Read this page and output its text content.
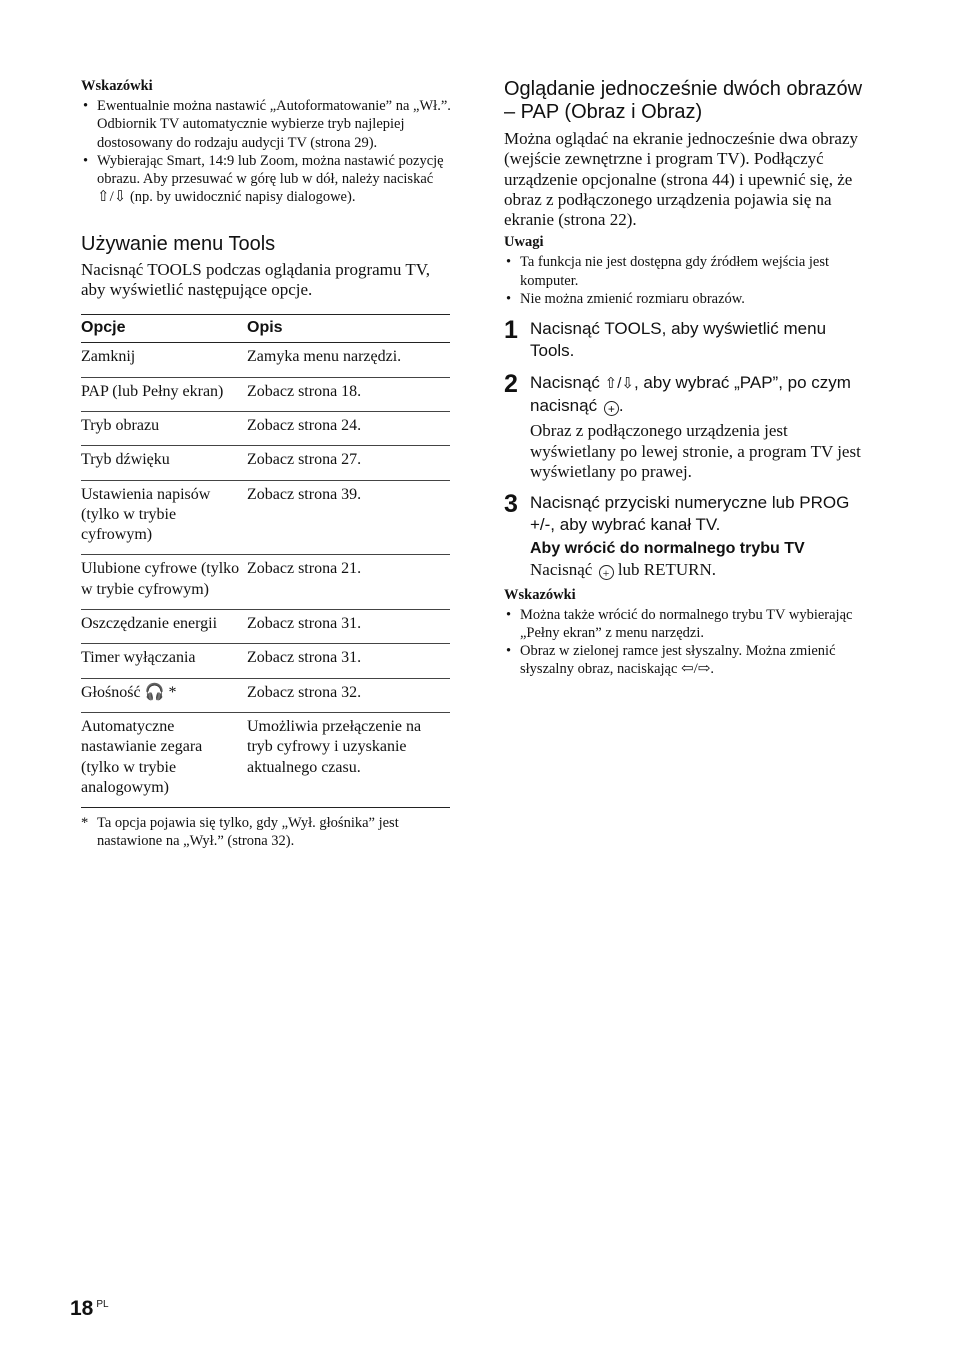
Wskazówki
• Ewentualnie można nastawić „Autoformatowanie” na „Wł.”. Odbiornik TV automatycznie wybierze tryb najlepiej dostosowany do rodzaju audycji TV (strona 29).
• Wybierając Smart, 14:9 lub Zoom, można nastawić pozycję obrazu. Aby przesuwać w górę lub w dół, należy naciskać ⇧/⇩ (np. by uwidocznić napisy dialogowe).
Używanie menu Tools

Nacisnąć TOOLS podczas oglądania programu TV, aby wyświetlić następujące opcje.

Opcje	Opis
Zamknij	Zamyka menu narzędzi.
PAP (lub Pełny ekran)	Zobacz strona 18.
Tryb obrazu	Zobacz strona 24.
Tryb dźwięku	Zobacz strona 27.
Ustawienia napisów (tylko w trybie cyfrowym)	Zobacz strona 39.
Ulubione cyfrowe (tylko w trybie cyfrowym)	Zobacz strona 21.
Oszczędzanie energii	Zobacz strona 31.
Timer wyłączania	Zobacz strona 31.
Głośność 🎧 *	Zobacz strona 32.
Automatyczne nastawianie zegara (tylko w trybie analogowym)	Umożliwia przełączenie na tryb cyfrowy i uzyskanie aktualnego czasu.
* Ta opcja pojawia się tylko, gdy „Wył. głośnika” jest nastawione na „Wył.” (strona 32).
Oglądanie jednocześnie dwóch obrazów – PAP (Obraz i Obraz)

Można oglądać na ekranie jednocześnie dwa obrazy (wejście zewnętrzne i program TV). Podłączyć urządzenie opcjonalne (strona 44) i upewnić się, że obraz z podłączonego urządzenia pojawia się na ekranie (strona 22).

Uwagi
• Ta funkcja nie jest dostępna gdy źródłem wejścia jest komputer.
• Nie można zmienić rozmiaru obrazów.
1 Nacisnąć TOOLS, aby wyświetlić menu Tools.
2 Nacisnąć ⇧/⇩, aby wybrać „PAP”, po czym nacisnąć + .

Obraz z podłączonego urządzenia jest wyświetlany po lewej stronie, a program TV jest wyświetlany po prawej.

3 Nacisnąć przyciski numeryczne lub PROG +/-, aby wybrać kanał TV.
Aby wrócić do normalnego trybu TV
Nacisnąć + lub RETURN.
Wskazówki
• Można także wrócić do normalnego trybu TV wybierając „Pełny ekran” z menu narzędzi.
• Obraz w zielonej ramce jest słyszalny. Można zmienić słyszalny obraz, naciskając ⇦/⇨.
18 $^{PL}$
